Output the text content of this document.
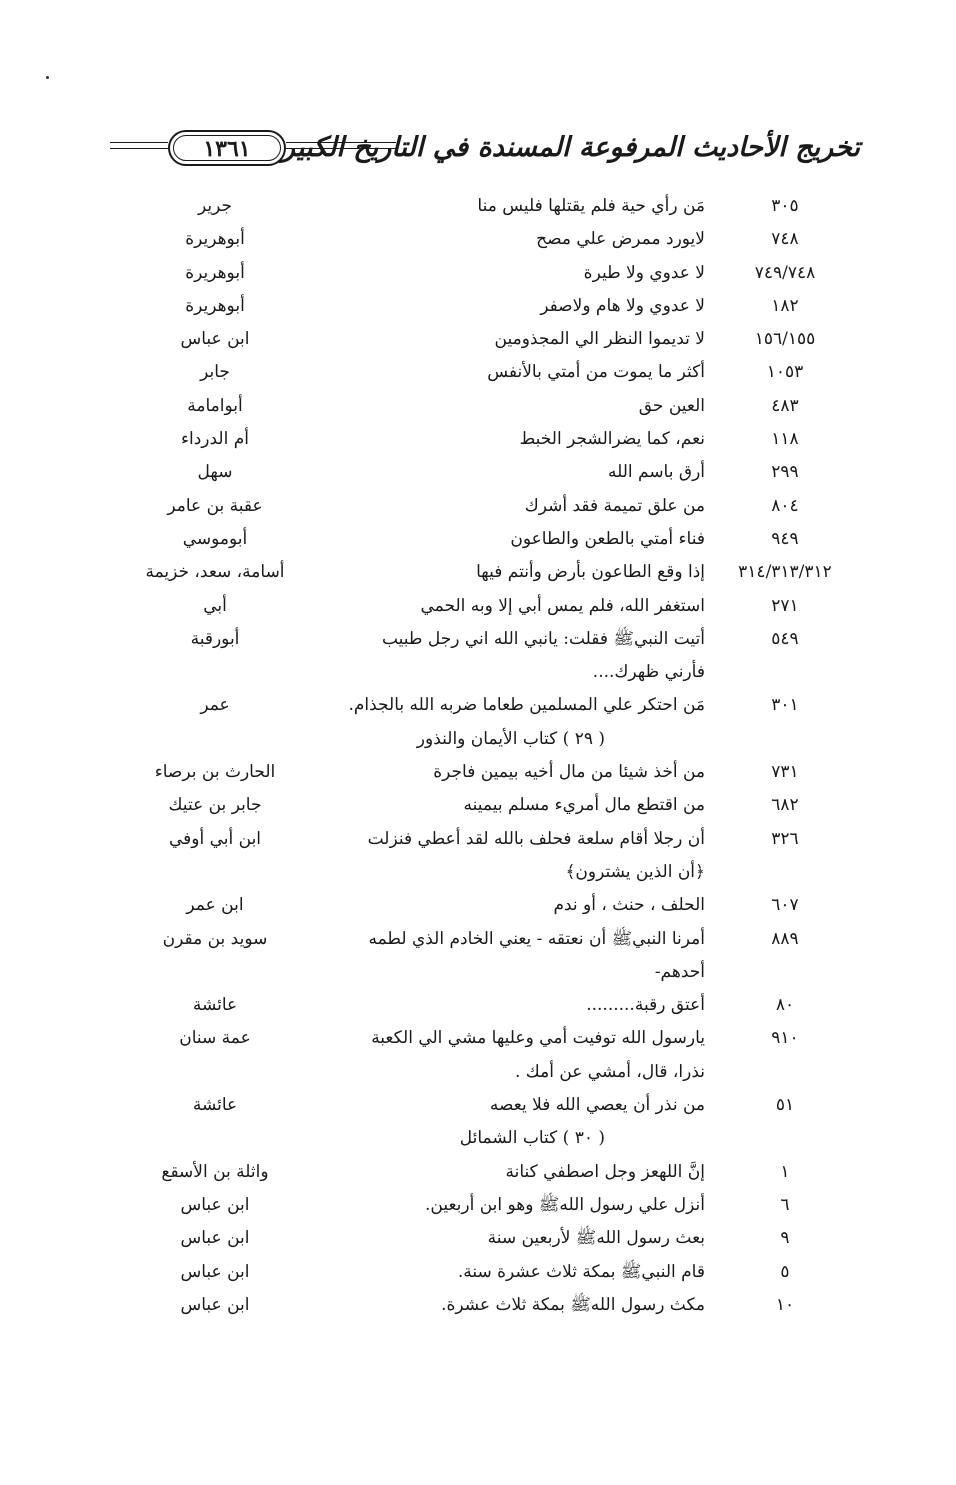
١٣٦١	تخريج الأحاديث المرفوعة المسندة في التاريخ الكبير
٣٠٥
مَن رأي حية فلم يقتلها فليس منا
جرير
٧٤٨
لايورد ممرض علي مصح
أبوهريرة
٧٤٩/٧٤٨
لا عدوي ولا طيرة
أبوهريرة
١٨٢
لا عدوي ولا هام ولاصفر
أبوهريرة
١٥٦/١٥٥
لا تديموا النظر الي المجذومين
ابن عباس
١٠٥٣
أكثر ما يموت من أمتي بالأنفس
جابر
٤٨٣
العين حق
أبوامامة
١١٨
نعم، كما يضرالشجر الخبط
أم الدرداء
٢٩٩
أرق باسم الله
سهل
٨٠٤
من علق تميمة فقد أشرك
عقبة بن عامر
٩٤٩
فناء أمتي بالطعن والطاعون
أبوموسي
٣١٤/٣١٣/٣١٢
إذا وقع الطاعون بأرض وأنتم فيها
أسامة، سعد، خزيمة
٢٧١
استغفر الله، فلم يمس أبي إلا وبه الحمي
أبي
٥٤٩
أتيت النبيﷺ فقلت: يانبي الله اني رجل طبيب
أبورقبة
فأرني ظهرك....
٣٠١
مَن احتكر علي المسلمين طعاما ضربه الله بالجذام.
عمر
( ٢٩ ) كتاب الأيمان والنذور
٧٣١
من أخذ شيئا من مال أخيه بيمين فاجرة
الحارث بن برصاء
٦٨٢
من اقتطع مال أمريء مسلم بيمينه
جابر بن عتيك
٣٢٦
أن رجلا أقام سلعة فحلف بالله لقد أعطي فنزلت
ابن أبي أوفي
﴿أن الذين يشترون﴾
٦٠٧
الحلف ، حنث ، أو ندم
ابن عمر
٨٨٩
أمرنا النبيﷺ أن نعتقه - يعني الخادم الذي لطمه
سويد بن مقرن
أحدهم-
٨٠
أعتق رقبة.........
عائشة
٩١٠
يارسول الله توفيت أمي وعليها مشي الي الكعبة
عمة سنان
نذرا، قال، أمشي عن أمك .
٥١
من نذر أن يعصي الله فلا يعصه
عائشة
( ٣٠ ) كتاب الشمائل
١
إنَّ اللهعز وجل اصطفي كنانة
واثلة بن الأسقع
٦
أنزل علي رسول اللهﷺ وهو ابن أربعين.
ابن عباس
٩
بعث رسول اللهﷺ لأربعين سنة
ابن عباس
٥
قام النبيﷺ بمكة ثلاث عشرة سنة.
ابن عباس
١٠
مكث رسول اللهﷺ بمكة ثلاث عشرة.
ابن عباس
